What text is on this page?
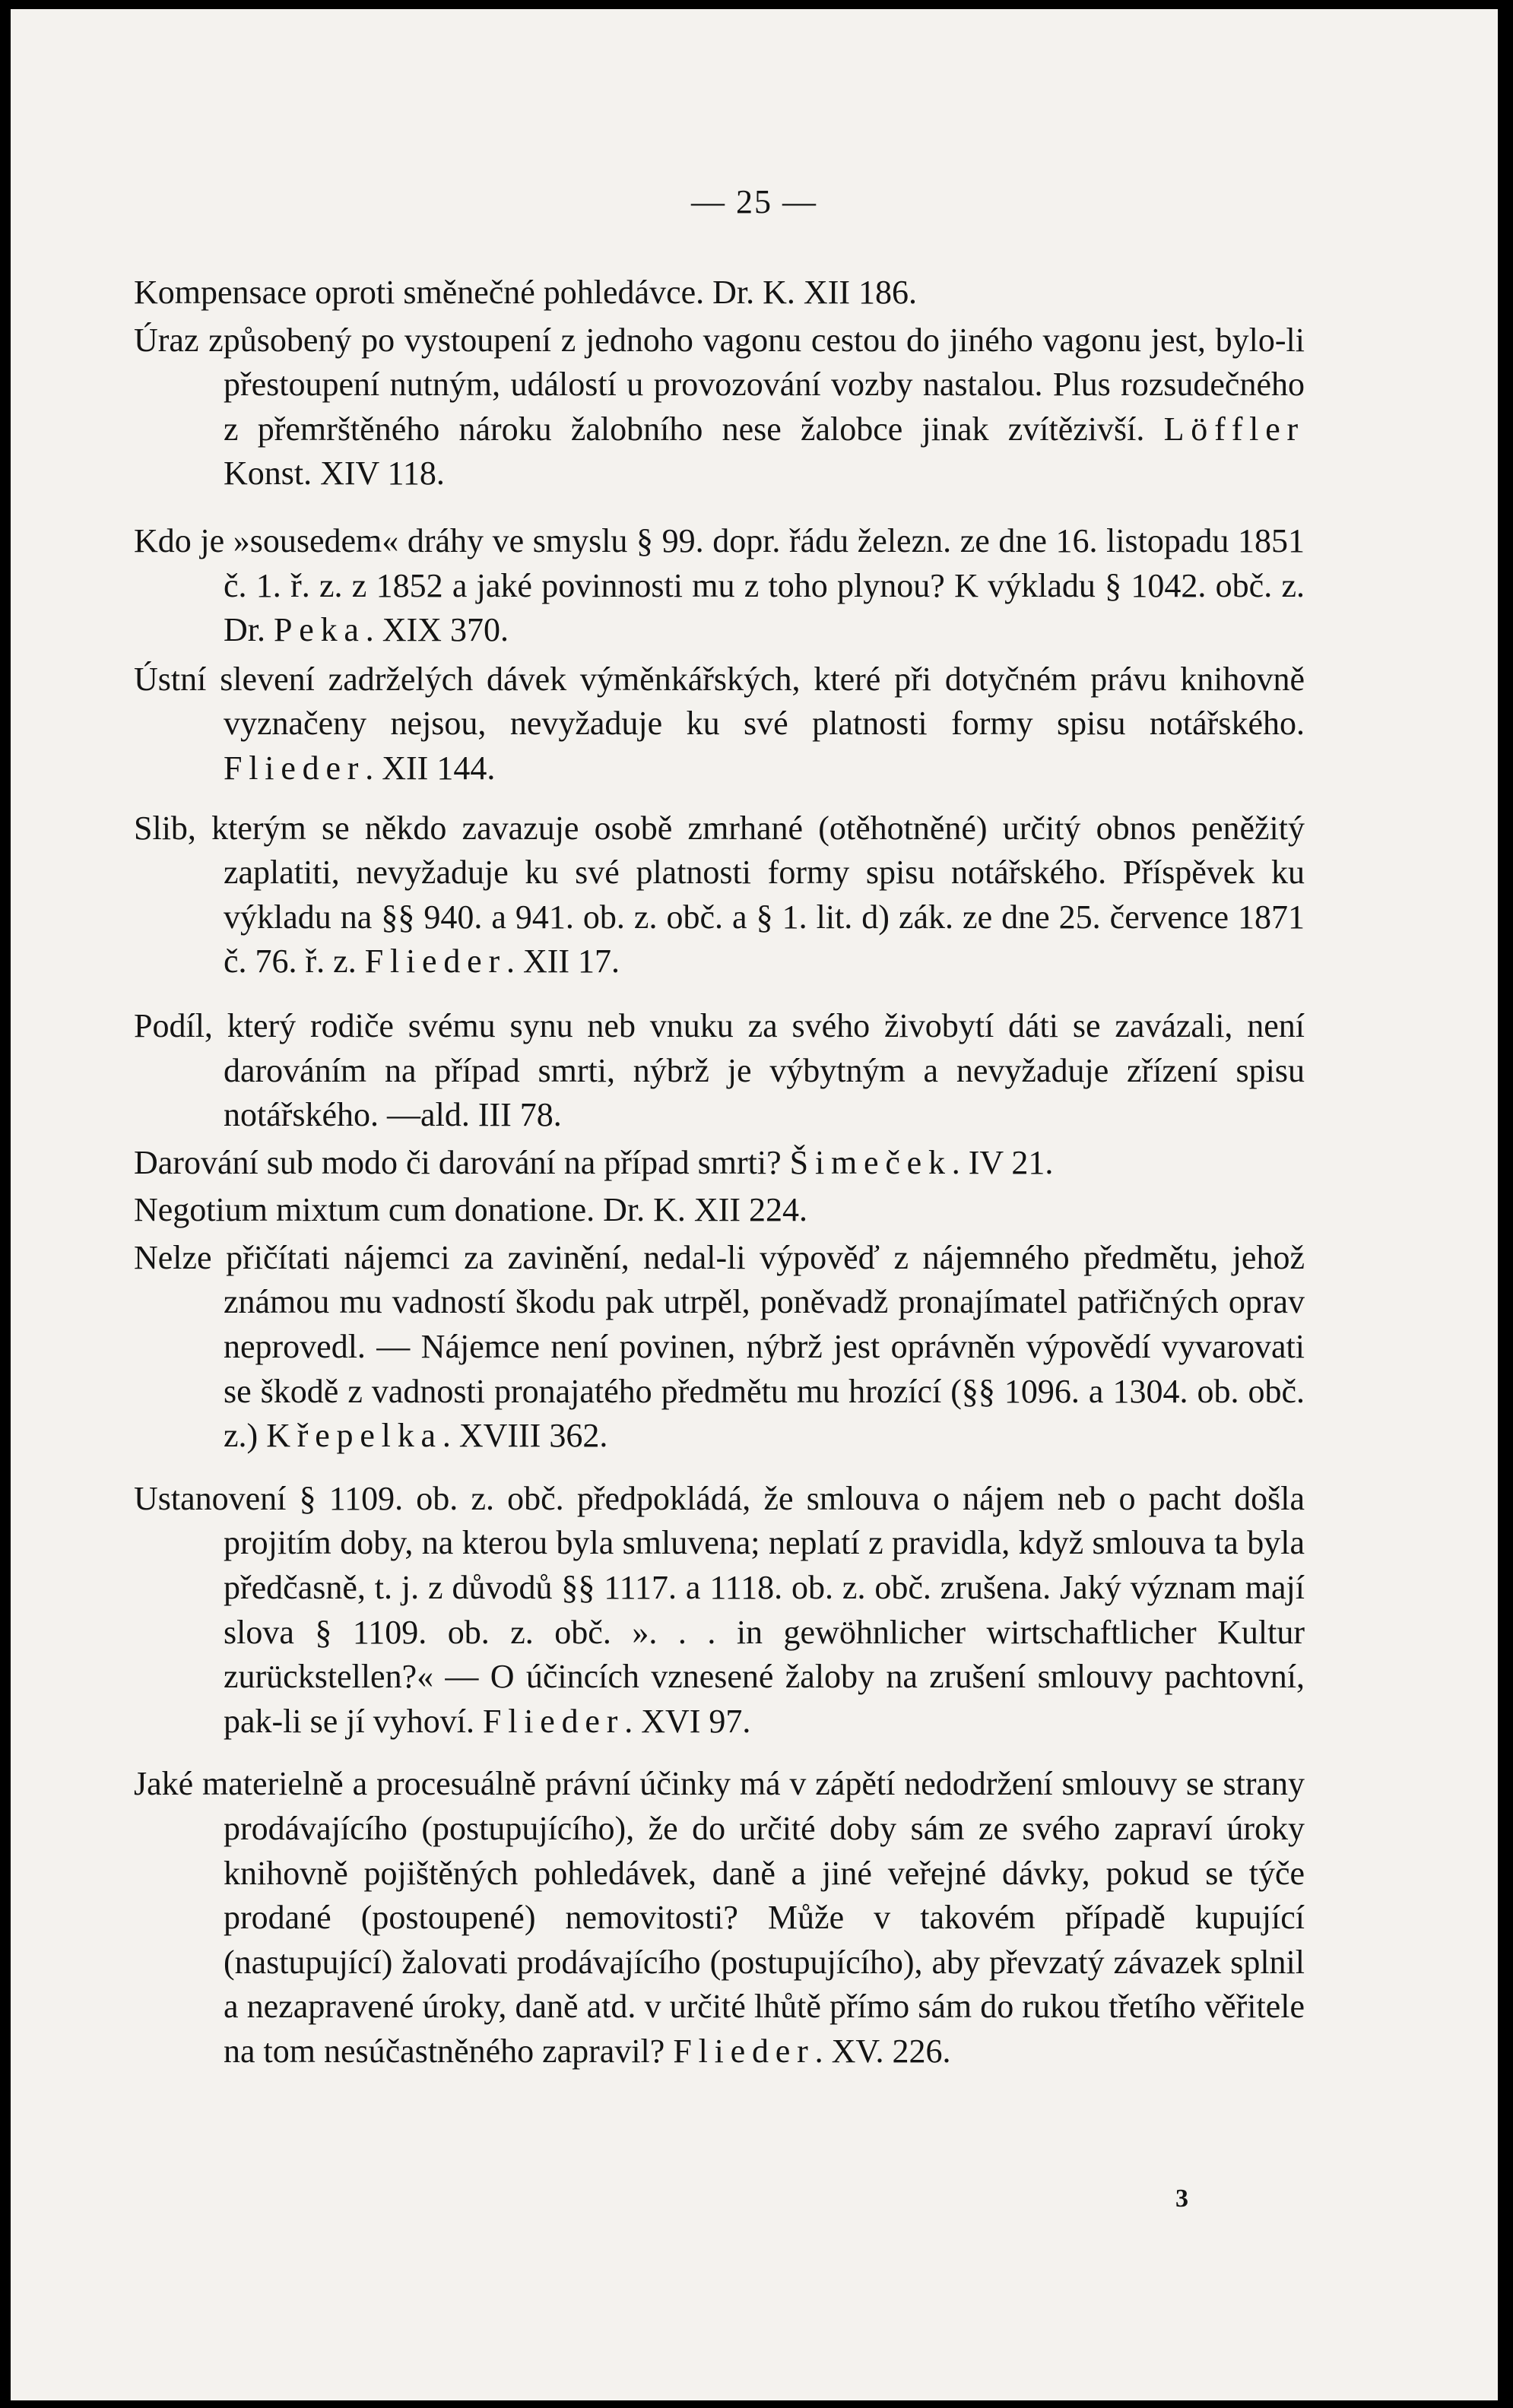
— 25 —

Kompensace oproti směnečné pohledávce. Dr. K. XII 186.

Úraz způsobený po vystoupení z jednoho vagonu cestou do jiného vagonu jest, bylo-li přestoupení nutným, událostí u provozování vozby nastalou. Plus rozsudečného z přemrštěného nároku žalobního nese žalobce jinak zvítězivší. Löffler Konst. XIV 118.

Kdo je »sousedem« dráhy ve smyslu § 99. dopr. řádu železn. ze dne 16. listopadu 1851 č. 1. ř. z. z 1852 a jaké povinnosti mu z toho plynou? K výkladu § 1042. obč. z. Dr. Peka. XIX 370.

Ústní slevení zadrželých dávek výměnkářských, které při dotyčném právu knihovně vyznačeny nejsou, nevyžaduje ku své platnosti formy spisu notářského. Flieder. XII 144.

Slib, kterým se někdo zavazuje osobě zmrhané (otěhotněné) určitý obnos peněžitý zaplatiti, nevyžaduje ku své platnosti formy spisu notářského. Příspěvek ku výkladu na §§ 940. a 941. ob. z. obč. a § 1. lit. d) zák. ze dne 25. července 1871 č. 76. ř. z. Flieder. XII 17.

Podíl, který rodiče svému synu neb vnuku za svého živobytí dáti se zavázali, není darováním na případ smrti, nýbrž je výbytným a nevyžaduje zřízení spisu notářského. —ald. III 78.

Darování sub modo či darování na případ smrti? Šimeček. IV 21.

Negotium mixtum cum donatione. Dr. K. XII 224.

Nelze přičítati nájemci za zavinění, nedal-li výpověď z nájemného předmětu, jehož známou mu vadností škodu pak utrpěl, poněvadž pronajímatel patřičných oprav neprovedl. — Nájemce není povinen, nýbrž jest oprávněn výpovědí vyvarovati se škodě z vadnosti pronajatého předmětu mu hrozící (§§ 1096. a 1304. ob. obč. z.) Křepelka. XVIII 362.

Ustanovení § 1109. ob. z. obč. předpokládá, že smlouva o nájem neb o pacht došla projitím doby, na kterou byla smluvena; neplatí z pravidla, když smlouva ta byla předčasně, t. j. z důvodů §§ 1117. a 1118. ob. z. obč. zrušena. Jaký význam mají slova § 1109. ob. z. obč. ». . . in gewöhnlicher wirtschaftlicher Kultur zurückstellen?« — O účincích vznesené žaloby na zrušení smlouvy pachtovní, pak-li se jí vyhoví. Flieder. XVI 97.

Jaké materielně a procesuálně právní účinky má v zápětí nedodržení smlouvy se strany prodávajícího (postupujícího), že do určité doby sám ze svého zapraví úroky knihovně pojištěných pohledávek, daně a jiné veřejné dávky, pokud se týče prodané (postoupené) nemovitosti? Může v takovém případě kupující (nastupující) žalovati prodávajícího (postupujícího), aby převzatý závazek splnil a nezapravené úroky, daně atd. v určité lhůtě přímo sám do rukou třetího věřitele na tom nesúčastněného zapravil? Flieder. XV. 226.

3
